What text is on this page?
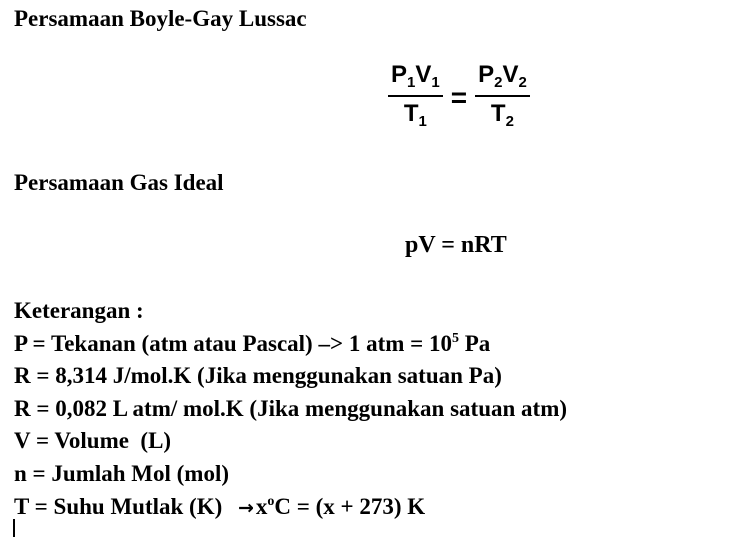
Persamaan Boyle-Gay Lussac
$\frac{P_1V_1}{T_1} = \frac{P_2V_2}{T_2}$
Persamaan Gas Ideal
pV = nRT
Keterangan :
P = Tekanan (atm atau Pascal) –> 1 atm = $10^5$ Pa
R = 8,314 J/mol.K (Jika menggunakan satuan Pa)
R = 0,082 L atm/ mol.K (Jika menggunakan satuan atm)
V = Volume  (L)
n = Jumlah Mol (mol)
T = Suhu Mutlak $(K) \to x^oC = (x + 273)$ K
